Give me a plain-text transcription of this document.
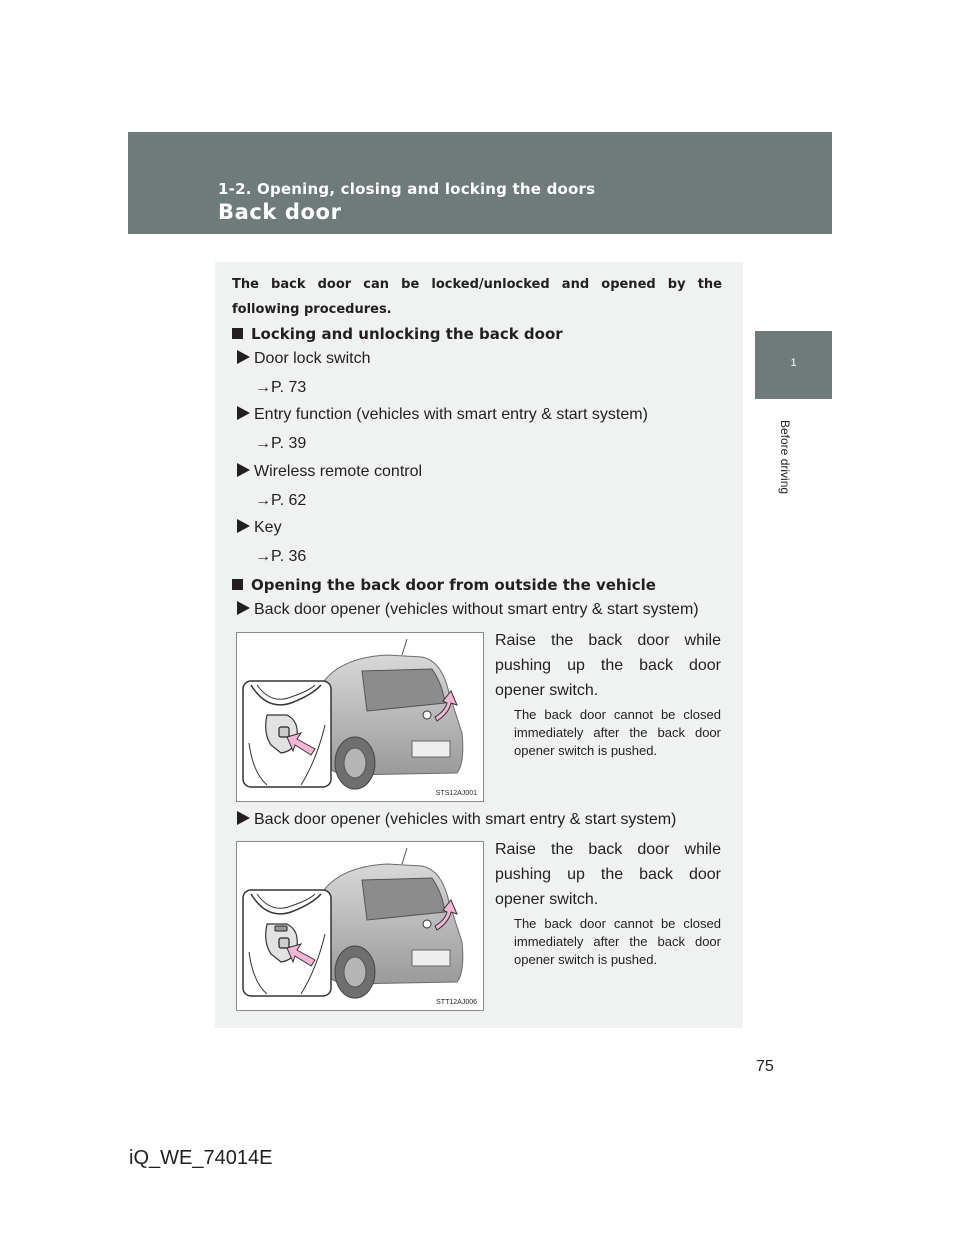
1-2. Opening, closing and locking the doors
Back door
1
Before driving
The back door can be locked/unlocked and opened by the following procedures.
Locking and unlocking the back door
Door lock switch
→P. 73
Entry function (vehicles with smart entry & start system)
→P. 39
Wireless remote control
→P. 62
Key
→P. 36
Opening the back door from outside the vehicle
Back door opener (vehicles without smart entry & start system)
STS12AJ001
Raise the back door while pushing up the back door opener switch.
The back door cannot be closed immediately after the back door opener switch is pushed.
Back door opener (vehicles with smart entry & start system)
STT12AJ006
Raise the back door while pushing up the back door opener switch.
The back door cannot be closed immediately after the back door opener switch is pushed.
75
iQ_WE_74014E
